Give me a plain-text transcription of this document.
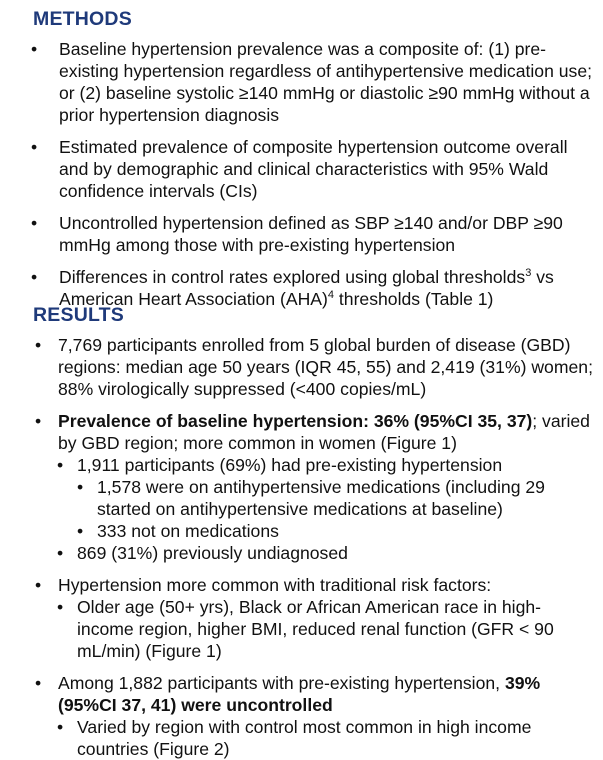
METHODS
• Baseline hypertension prevalence was a composite of: (1) pre-existing hypertension regardless of antihypertensive medication use; or (2) baseline systolic ≥140 mmHg or diastolic ≥90 mmHg without a prior hypertension diagnosis
• Estimated prevalence of composite hypertension outcome overall and by demographic and clinical characteristics with 95% Wald confidence intervals (CIs)
• Uncontrolled hypertension defined as SBP ≥140 and/or DBP ≥90 mmHg among those with pre-existing hypertension
• Differences in control rates explored using global thresholds$^3$ vs American Heart Association (AHA)$^4$ thresholds (Table 1)
RESULTS
• 7,769 participants enrolled from 5 global burden of disease (GBD) regions: median age 50 years (IQR 45, 55) and 2,419 (31%) women; 88% virologically suppressed (<400 copies/mL)
• Prevalence of baseline hypertension: 36% (95%CI 35, 37); varied by GBD region; more common in women (Figure 1)
• 1,911 participants (69%) had pre-existing hypertension
• 1,578 were on antihypertensive medications (including 29 started on antihypertensive medications at baseline)
• 333 not on medications
• 869 (31%) previously undiagnosed
• Hypertension more common with traditional risk factors:
• Older age (50+ yrs), Black or African American race in high-income region, higher BMI, reduced renal function (GFR < 90 mL/min) (Figure 1)
• Among 1,882 participants with pre-existing hypertension, 39% (95%CI 37, 41) were uncontrolled
• Varied by region with control most common in high income countries (Figure 2)
